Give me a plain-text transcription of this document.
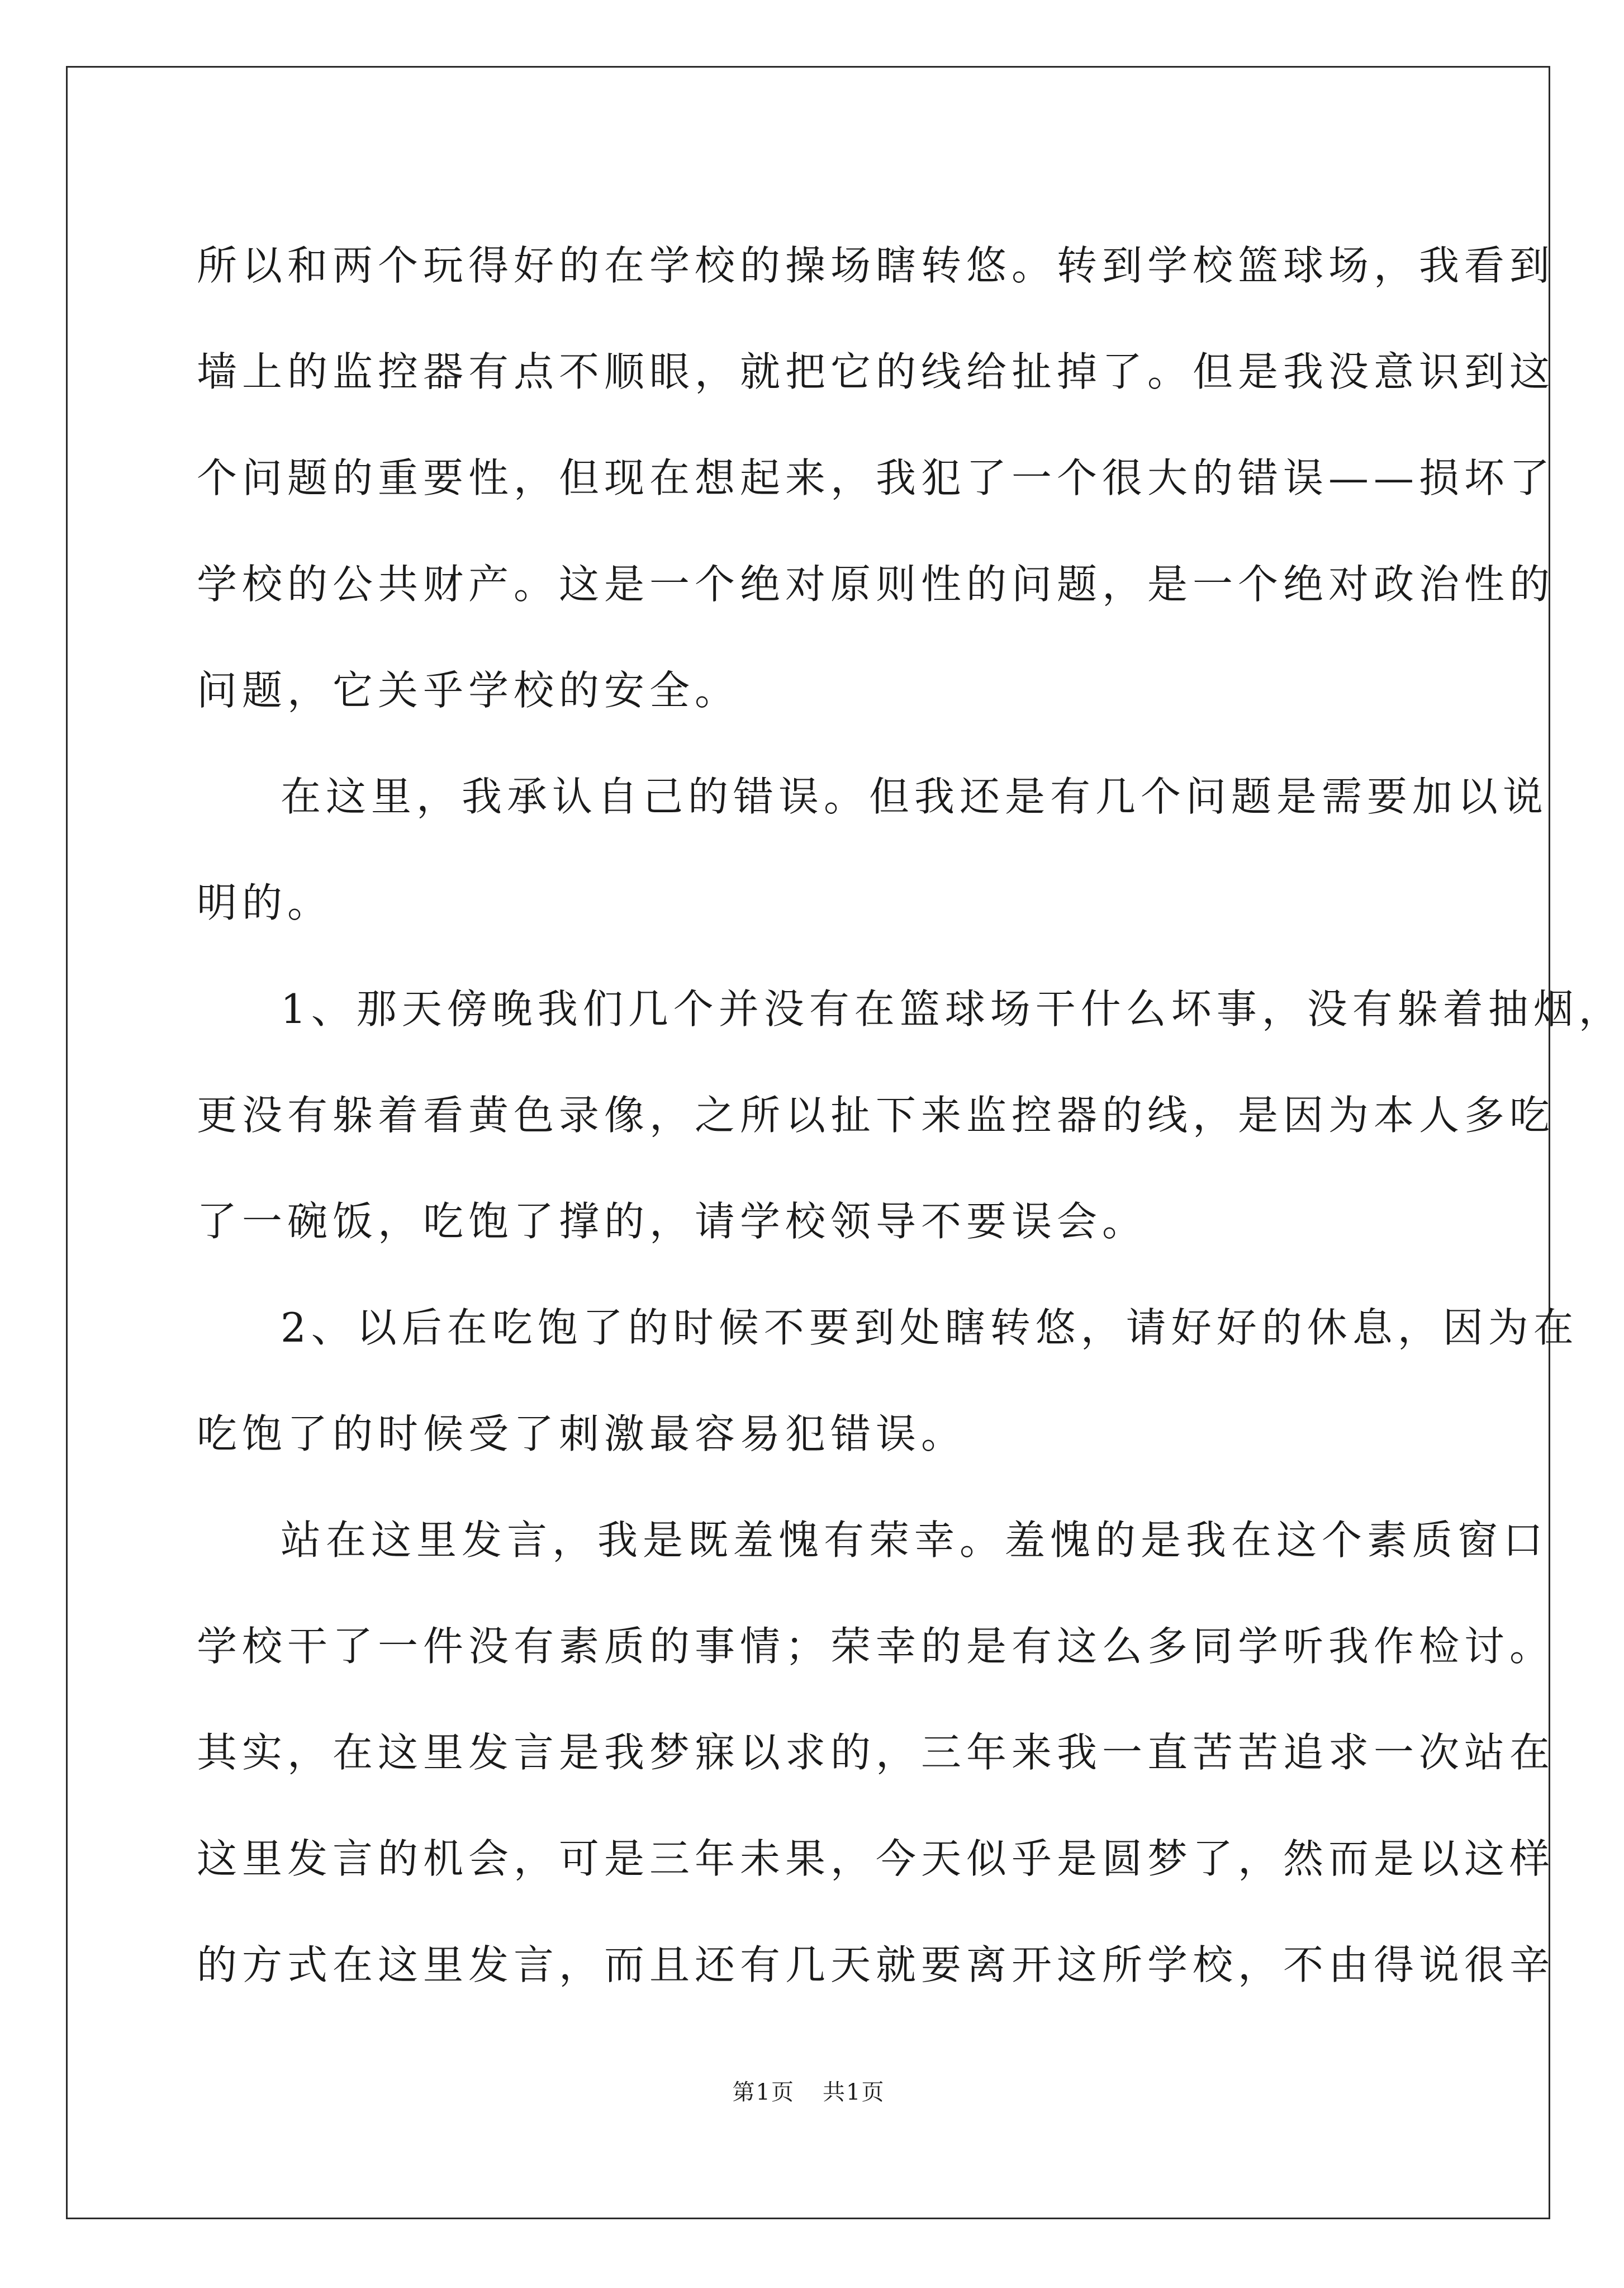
所以和两个玩得好的在学校的操场瞎转悠。转到学校篮球场，我看到
墙上的监控器有点不顺眼，就把它的线给扯掉了。但是我没意识到这
个问题的重要性，但现在想起来，我犯了一个很大的错误——损坏了
学校的公共财产。这是一个绝对原则性的问题，是一个绝对政治性的
问题，它关乎学校的安全。
在这里，我承认自己的错误。但我还是有几个问题是需要加以说
明的。
1、那天傍晚我们几个并没有在篮球场干什么坏事，没有躲着抽烟，
更没有躲着看黄色录像，之所以扯下来监控器的线，是因为本人多吃
了一碗饭，吃饱了撑的，请学校领导不要误会。
2、以后在吃饱了的时候不要到处瞎转悠，请好好的休息，因为在
吃饱了的时候受了刺激最容易犯错误。
站在这里发言，我是既羞愧有荣幸。羞愧的是我在这个素质窗口
学校干了一件没有素质的事情；荣幸的是有这么多同学听我作检讨。
其实，在这里发言是我梦寐以求的，三年来我一直苦苦追求一次站在
这里发言的机会，可是三年未果，今天似乎是圆梦了，然而是以这样
的方式在这里发言，而且还有几天就要离开这所学校，不由得说很辛
第1页 共1页
